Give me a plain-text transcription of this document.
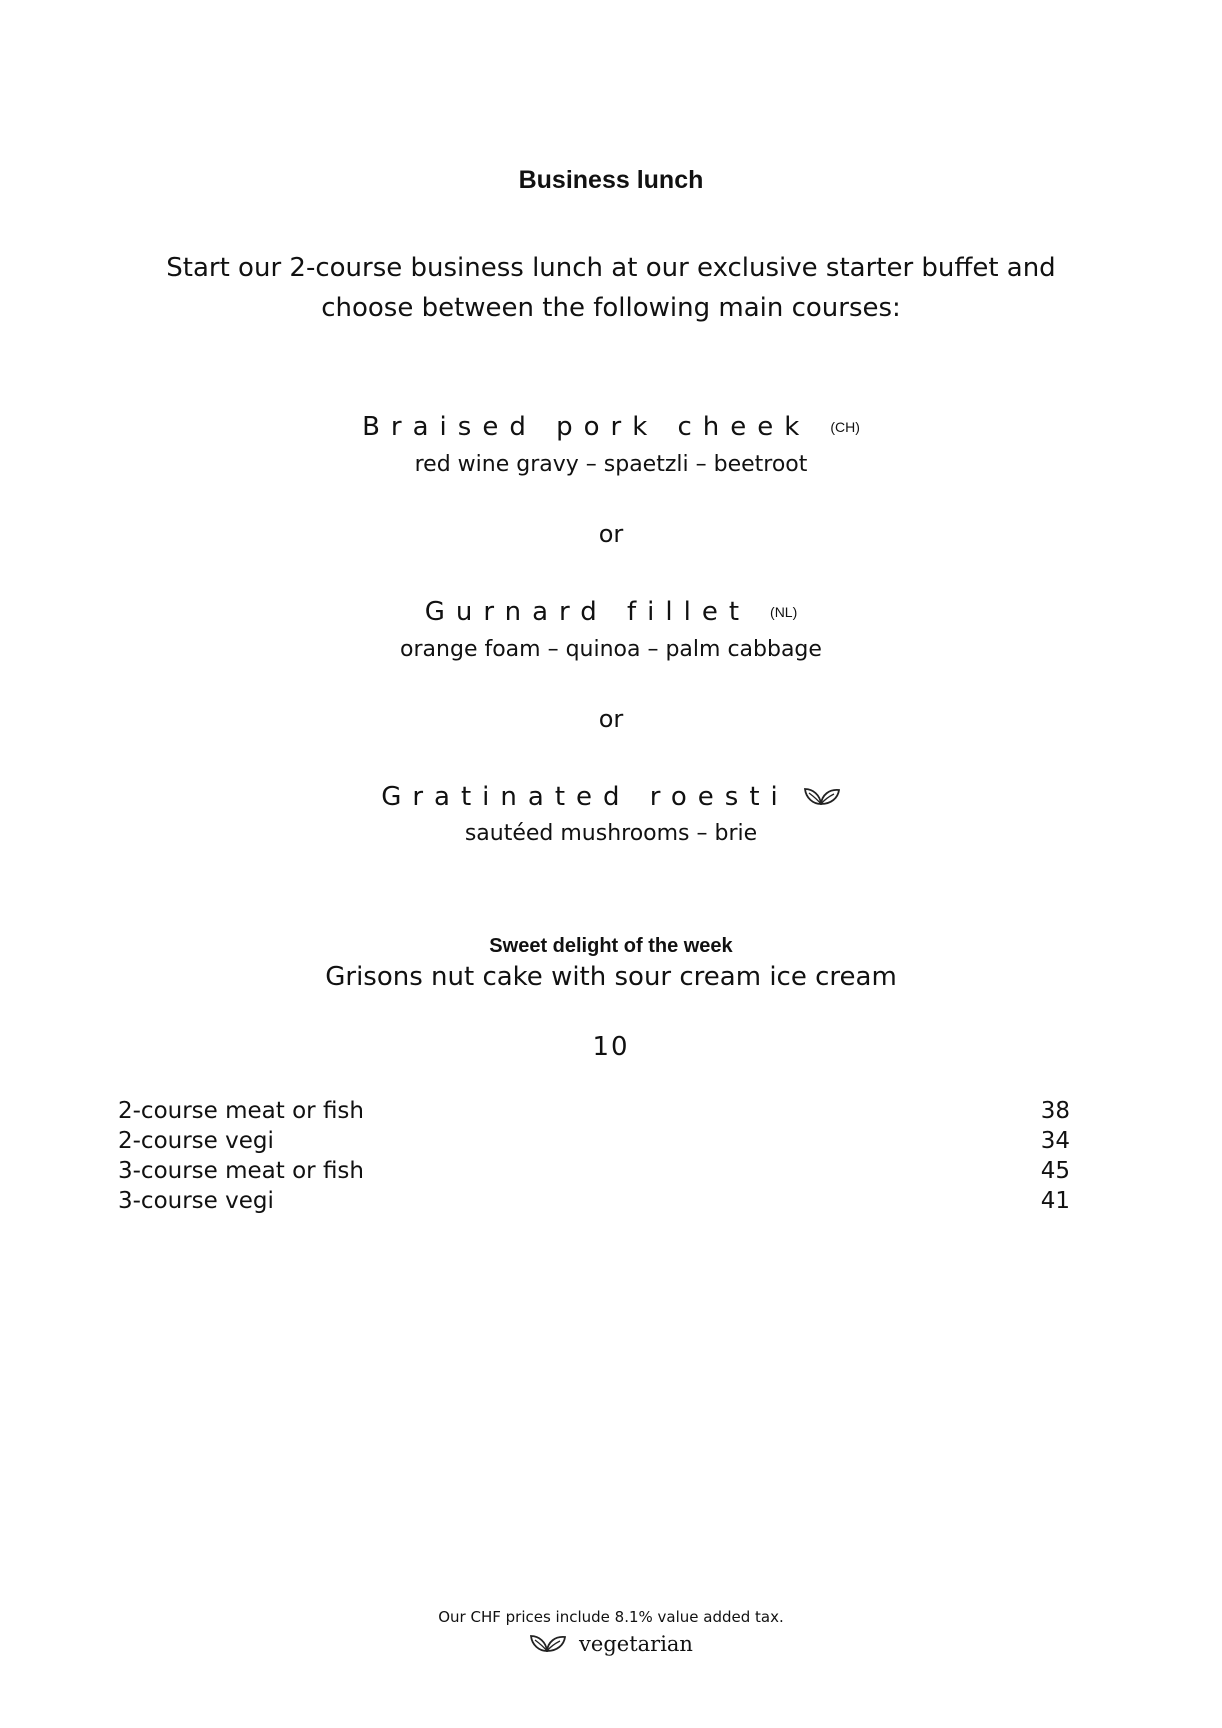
Business lunch
Start our 2-course business lunch at our exclusive starter buffet and
choose between the following main courses:
Braised pork cheek (CH)
red wine gravy – spaetzli – beetroot
or
Gurnard fillet (NL)
orange foam – quinoa – palm cabbage
or
Gratinated roesti
sautéed mushrooms – brie
Sweet delight of the week
Grisons nut cake with sour cream ice cream
10
2-course meat or fish	38
2-course vegi	34
3-course meat or fish	45
3-course vegi	41
Our CHF prices include 8.1% value added tax.
vegetarian
